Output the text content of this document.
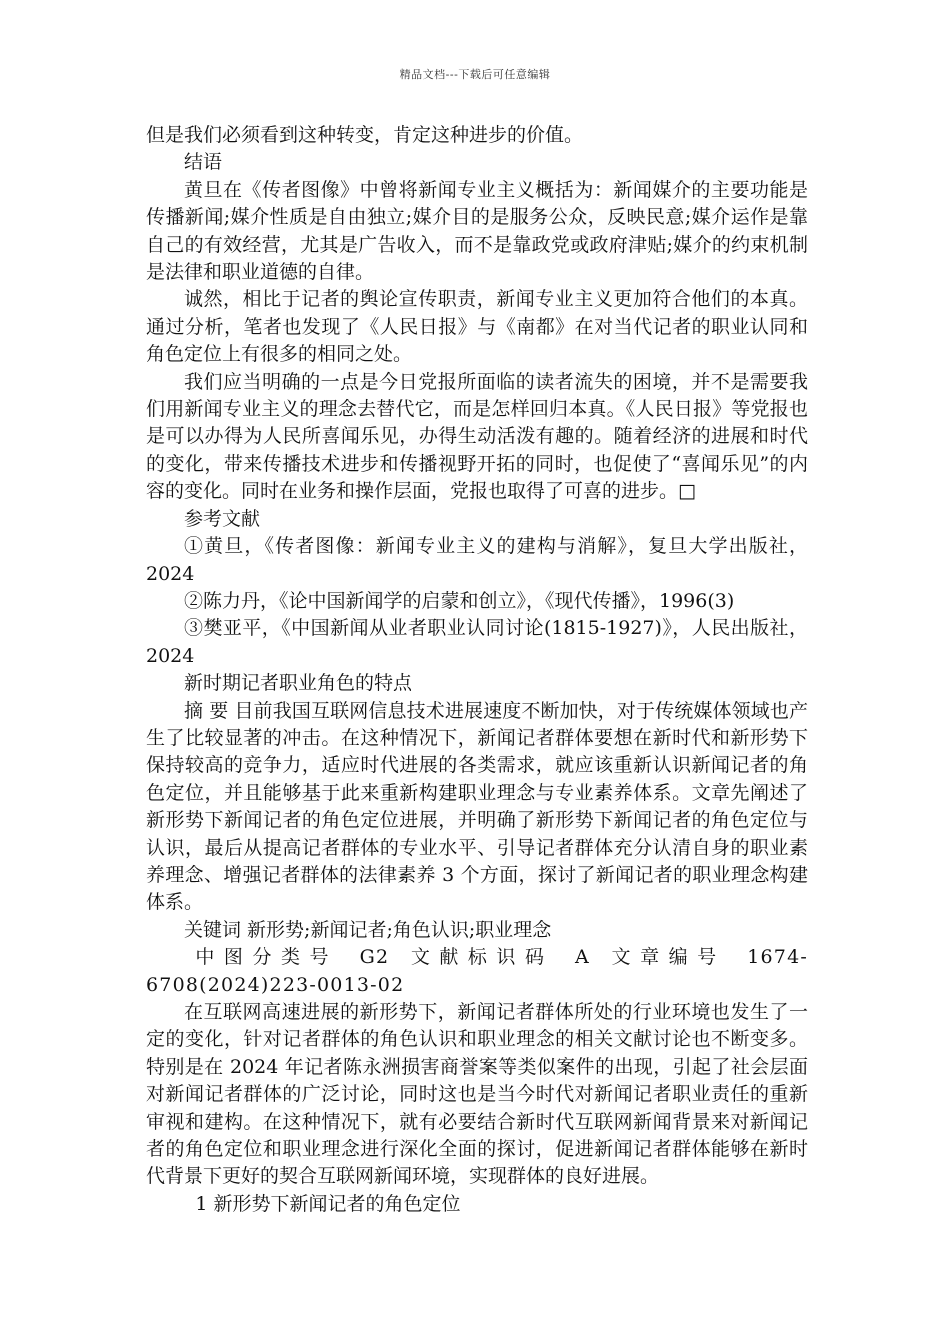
精品文档---下载后可任意编辑

但是我们必须看到这种转变，肯定这种进步的价值。

结语

黄旦在《传者图像》中曾将新闻专业主义概括为：新闻媒介的主要功能是传播新闻;媒介性质是自由独立;媒介目的是服务公众，反映民意;媒介运作是靠自己的有效经营，尤其是广告收入，而不是靠政党或政府津贴;媒介的约束机制是法律和职业道德的自律。

诚然，相比于记者的舆论宣传职责，新闻专业主义更加符合他们的本真。通过分析，笔者也发现了《人民日报》与《南都》在对当代记者的职业认同和角色定位上有很多的相同之处。

我们应当明确的一点是今日党报所面临的读者流失的困境，并不是需要我们用新闻专业主义的理念去替代它，而是怎样回归本真。《人民日报》等党报也是可以办得为人民所喜闻乐见，办得生动活泼有趣的。随着经济的进展和时代的变化，带来传播技术进步和传播视野开拓的同时，也促使了“喜闻乐见”的内容的变化。同时在业务和操作层面，党报也取得了可喜的进步。□

参考文献

①黄旦，《传者图像：新闻专业主义的建构与消解》，复旦大学出版社，2024

②陈力丹，《论中国新闻学的启蒙和创立》，《现代传播》，1996(3)

③樊亚平，《中国新闻从业者职业认同讨论(1815-1927)》，人民出版社，2024

新时期记者职业角色的特点

摘 要 目前我国互联网信息技术进展速度不断加快，对于传统媒体领域也产生了比较显著的冲击。在这种情况下，新闻记者群体要想在新时代和新形势下保持较高的竞争力，适应时代进展的各类需求，就应该重新认识新闻记者的角色定位，并且能够基于此来重新构建职业理念与专业素养体系。文章先阐述了新形势下新闻记者的角色定位进展，并明确了新形势下新闻记者的角色定位与认识，最后从提高记者群体的专业水平、引导记者群体充分认清自身的职业素养理念、增强记者群体的法律素养 3 个方面，探讨了新闻记者的职业理念构建体系。

关键词 新形势;新闻记者;角色认识;职业理念

中图分类号 G2 文献标识码 A 文章编号 1674-6708(2024)223-0013-02

在互联网高速进展的新形势下，新闻记者群体所处的行业环境也发生了一定的变化，针对记者群体的角色认识和职业理念的相关文献讨论也不断变多。特别是在 2024 年记者陈永洲损害商誉案等类似案件的出现，引起了社会层面对新闻记者群体的广泛讨论，同时这也是当今时代对新闻记者职业责任的重新审视和建构。在这种情况下，就有必要结合新时代互联网新闻背景来对新闻记者的角色定位和职业理念进行深化全面的探讨，促进新闻记者群体能够在新时代背景下更好的契合互联网新闻环境，实现群体的良好进展。

1 新形势下新闻记者的角色定位
